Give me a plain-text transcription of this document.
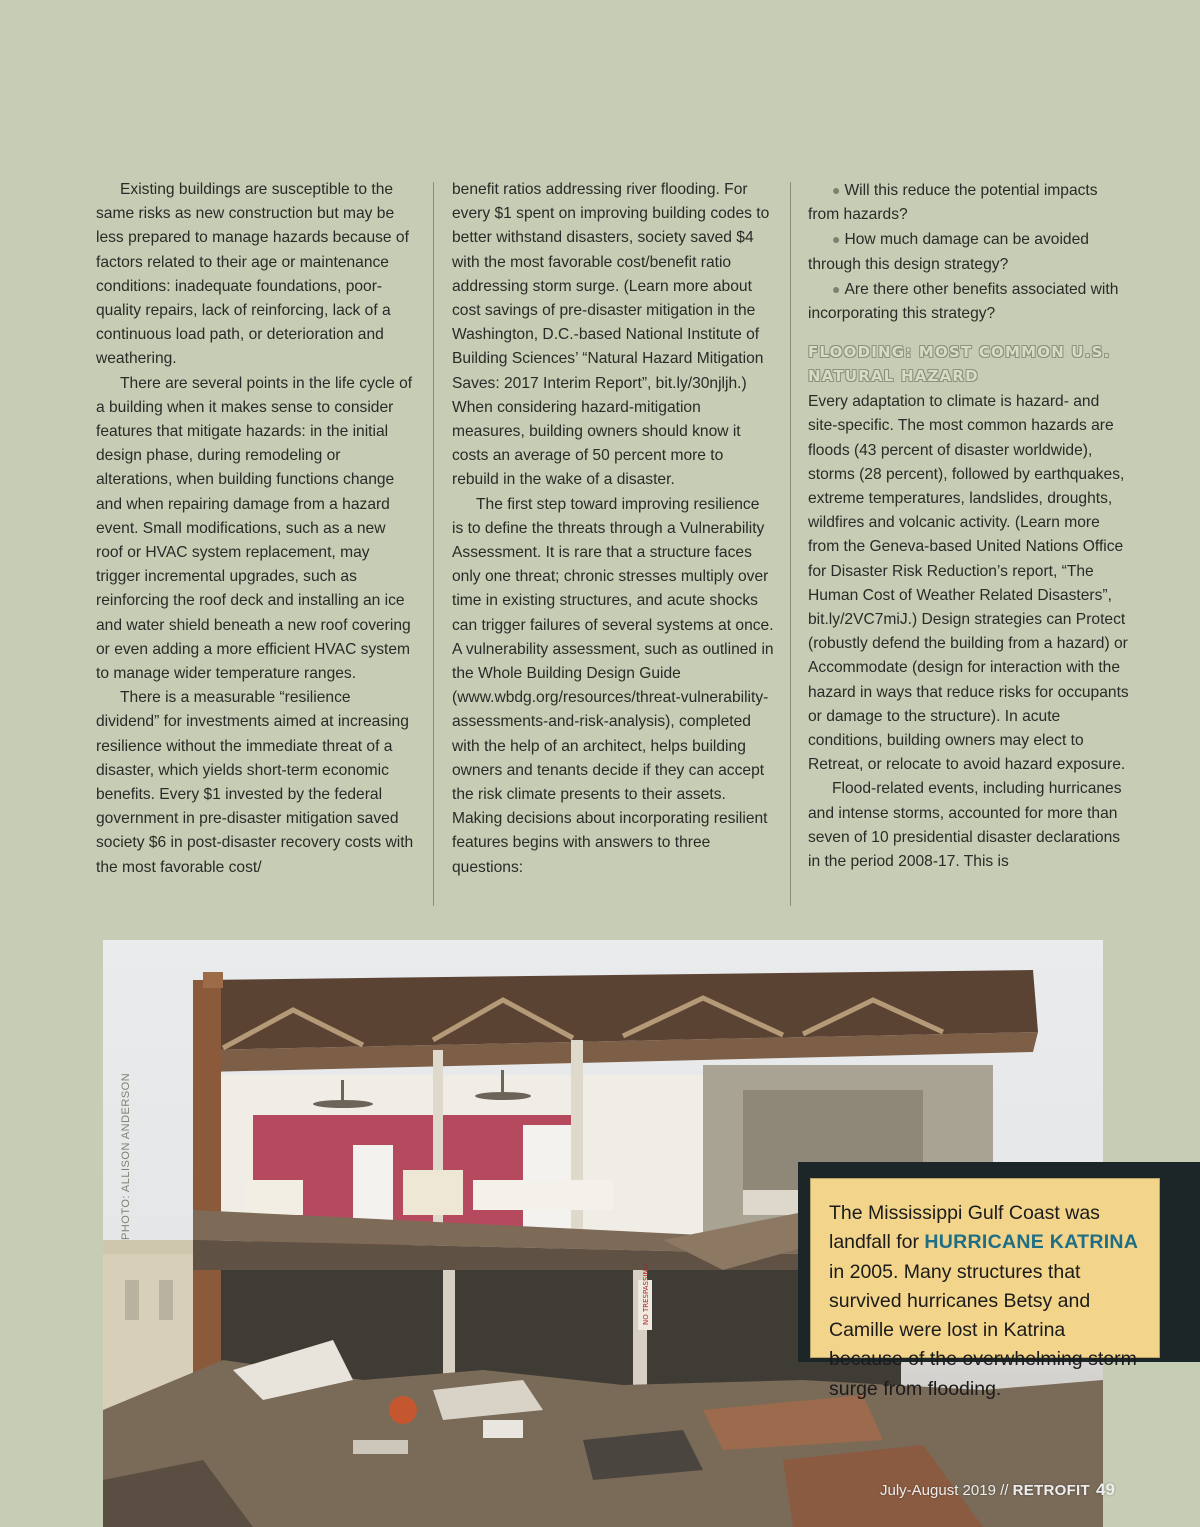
Existing buildings are susceptible to the same risks as new construction but may be less prepared to manage hazards because of factors related to their age or maintenance conditions: inadequate foundations, poor-quality repairs, lack of reinforcing, lack of a continuous load path, or deterioration and weathering.

There are several points in the life cycle of a building when it makes sense to consider features that mitigate hazards: in the initial design phase, during remodeling or alterations, when building functions change and when repairing damage from a hazard event. Small modifications, such as a new roof or HVAC system replacement, may trigger incremental upgrades, such as reinforcing the roof deck and installing an ice and water shield beneath a new roof covering or even adding a more efficient HVAC system to manage wider temperature ranges.

There is a measurable “resilience dividend” for investments aimed at increasing resilience without the immediate threat of a disaster, which yields short-term economic benefits. Every $1 invested by the federal government in pre-disaster mitigation saved society $6 in post-disaster recovery costs with the most favorable cost/

benefit ratios addressing river flooding. For every $1 spent on improving building codes to better withstand disasters, society saved $4 with the most favorable cost/benefit ratio addressing storm surge. (Learn more about cost savings of pre-disaster mitigation in the Washington, D.C.-based National Institute of Building Sciences’ “Natural Hazard Mitigation Saves: 2017 Interim Report”, bit.ly/30njljh.) When considering hazard-mitigation measures, building owners should know it costs an average of 50 percent more to rebuild in the wake of a disaster.

The first step toward improving resilience is to define the threats through a Vulnerability Assessment. It is rare that a structure faces only one threat; chronic stresses multiply over time in existing structures, and acute shocks can trigger failures of several systems at once. A vulnerability assessment, such as outlined in the Whole Building Design Guide (www.wbdg.org/resources/threat-vulnerability-assessments-and-risk-analysis), completed with the help of an architect, helps building owners and tenants decide if they can accept the risk climate presents to their assets. Making decisions about incorporating resilient features begins with answers to three questions:

● Will this reduce the potential impacts from hazards?

● How much damage can be avoided through this design strategy?

● Are there other benefits associated with incorporating this strategy?

FLOODING: MOST COMMON U.S.
NATURAL HAZARD

Every adaptation to climate is hazard- and site-specific. The most common hazards are floods (43 percent of disaster worldwide), storms (28 percent), followed by earthquakes, extreme temperatures, landslides, droughts, wildfires and volcanic activity. (Learn more from the Geneva-based United Nations Office for Disaster Risk Reduction’s report, “The Human Cost of Weather Related Disasters”, bit.ly/2VC7miJ.) Design strategies can Protect (robustly defend the building from a hazard) or Accommodate (design for interaction with the hazard in ways that reduce risks for occupants or damage to the structure). In acute conditions, building owners may elect to Retreat, or relocate to avoid hazard exposure.

Flood-related events, including hurricanes and intense storms, accounted for more than seven of 10 presidential disaster declarations in the period 2008-17. This is

NO TRESPASSING
PHOTO: ALLISON ANDERSON	The Mississippi Gulf Coast was landfall for HURRICANE KATRINA in 2005. Many structures that survived hurricanes Betsy and Camille were lost in Katrina because of the overwhelming storm surge from flooding.
July-August 2019 // RETROFIT 49
